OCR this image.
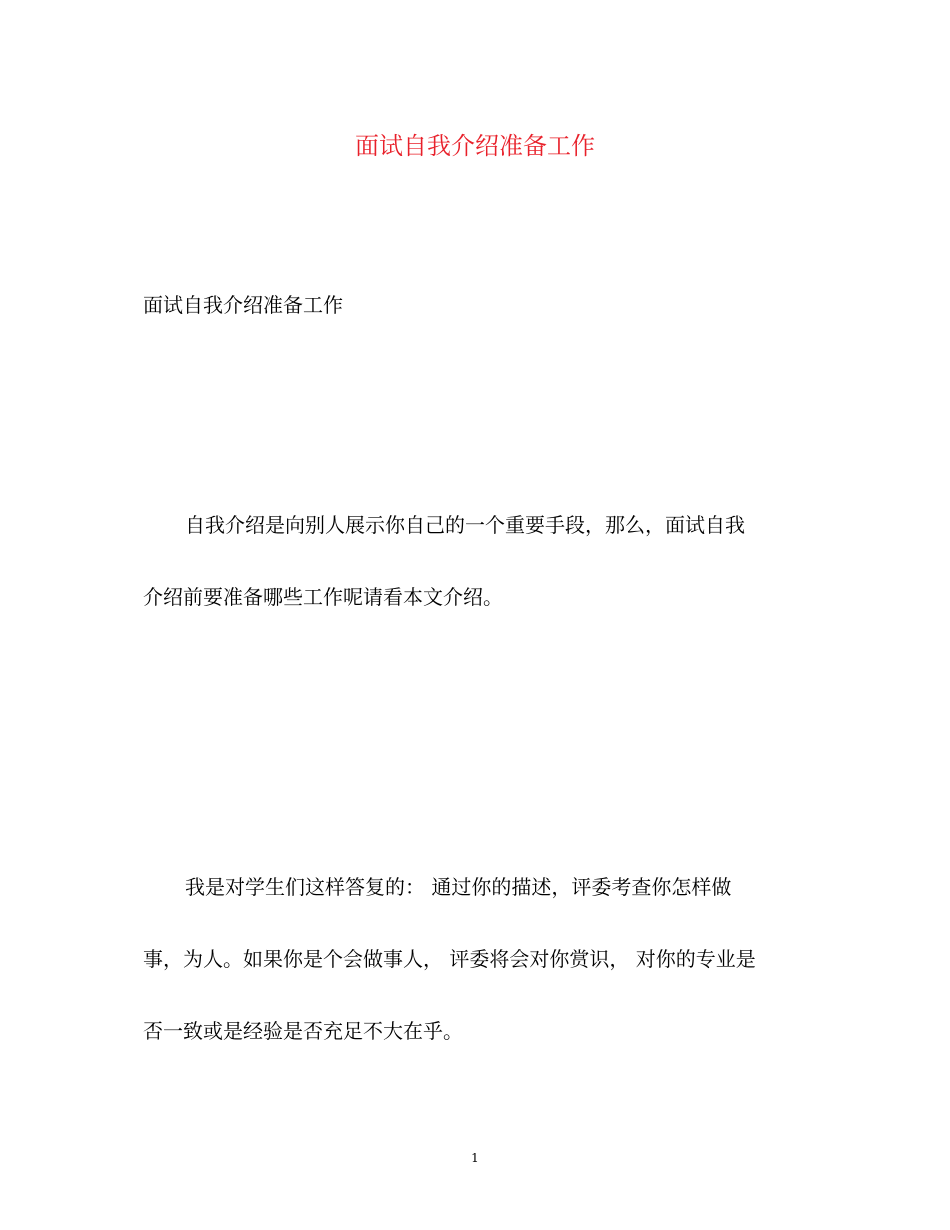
面试自我介绍准备工作
面试自我介绍准备工作
自我介绍是向别人展示你自己的一个重要手段，那么，面试自我
介绍前要准备哪些工作呢请看本文介绍。
我是对学生们这样答复的： 通过你的描述，评委考查你怎样做
事，为人。如果你是个会做事人， 评委将会对你赏识， 对你的专业是
否一致或是经验是否充足不大在乎。
1
